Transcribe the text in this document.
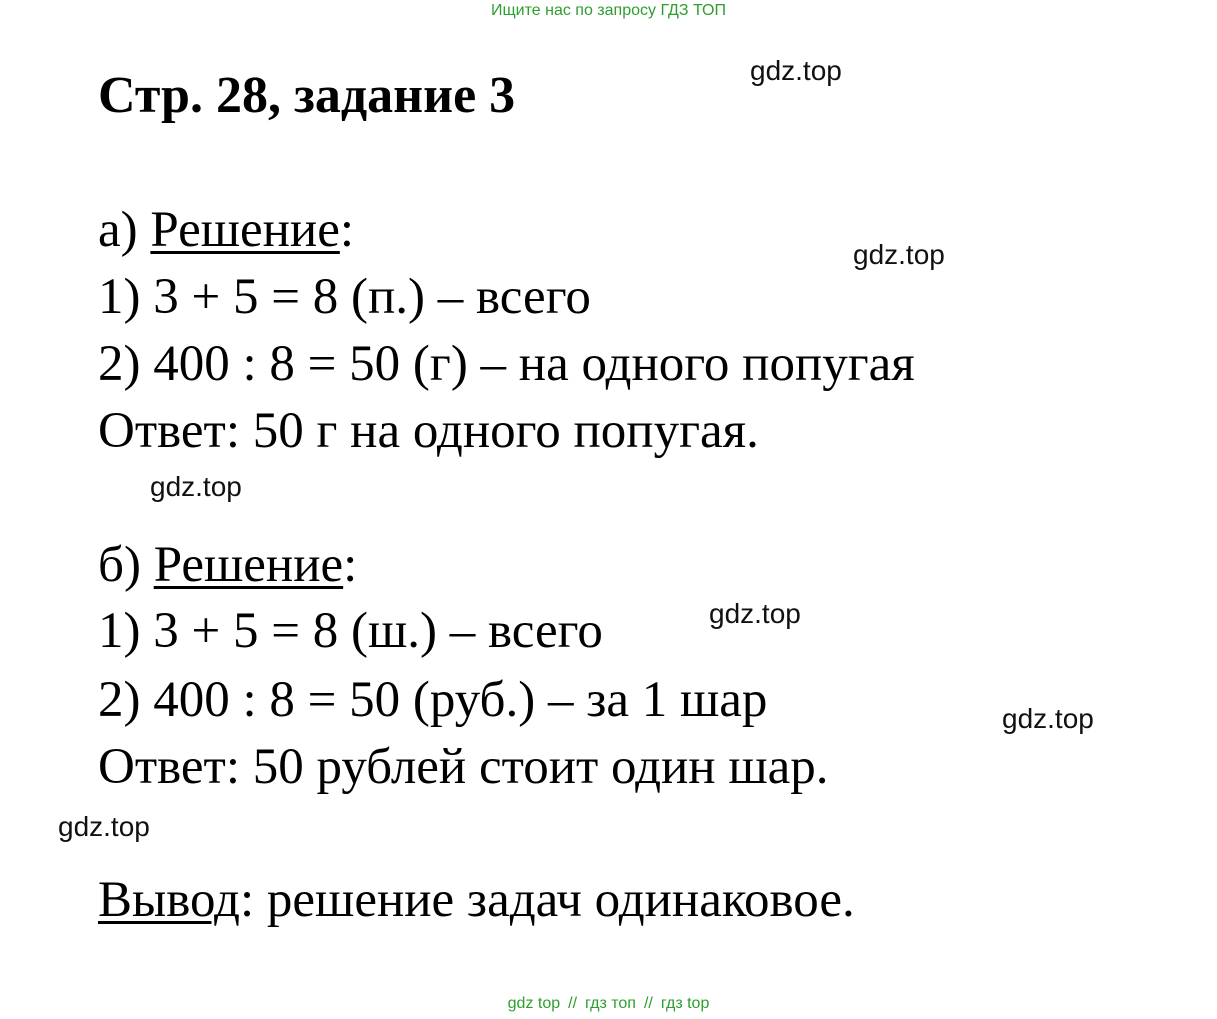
Ищите нас по запросу ГДЗ ТОП
Стр. 28, задание 3	gdz.top
а) Решение:	gdz.top
1) 3 + 5 = 8 (п.) – всего
2) 400 : 8 = 50 (г) – на одного попугая
Ответ: 50 г на одного попугая.
gdz.top
б) Решение:
1) 3 + 5 = 8 (ш.) – всего	gdz.top
2) 400 : 8 = 50 (руб.) – за 1 шар	gdz.top
Ответ: 50 рублей стоит один шар.
gdz.top
Вывод: решение задач одинаковое.
gdz top // гдз топ // гдз top
